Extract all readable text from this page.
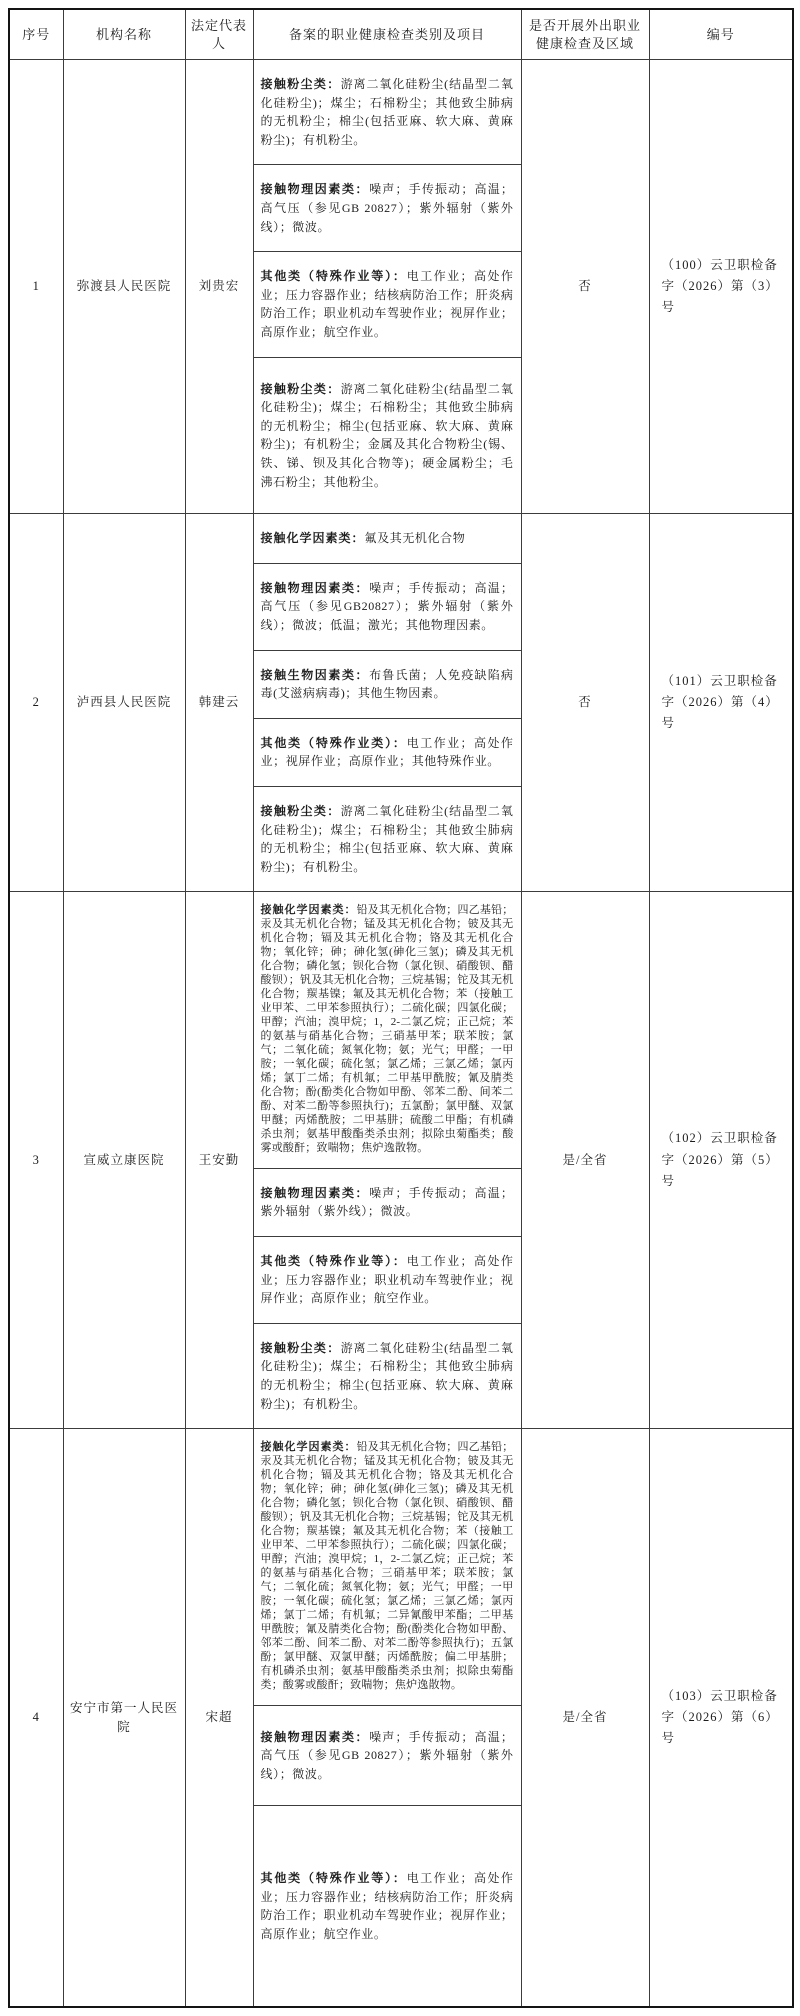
序号	机构名称	法定代表人	备案的职业健康检查类别及项目	是否开展外出职业健康检查及区域	编号
1	弥渡县人民医院	刘贵宏	接触粉尘类：游离二氧化硅粉尘(结晶型二氧化硅粉尘)；煤尘；石棉粉尘；其他致尘肺病的无机粉尘；棉尘(包括亚麻、软大麻、黄麻粉尘)；有机粉尘。
接触物理因素类：噪声；手传振动；高温；高气压（参见GB 20827）；紫外辐射（紫外线）；微波。
其他类（特殊作业等）：电工作业；高处作业；压力容器作业；结核病防治工作；肝炎病防治工作；职业机动车驾驶作业；视屏作业；高原作业；航空作业。
接触粉尘类：游离二氧化硅粉尘(结晶型二氧化硅粉尘)；煤尘；石棉粉尘；其他致尘肺病的无机粉尘；棉尘(包括亚麻、软大麻、黄麻粉尘)；有机粉尘；金属及其化合物粉尘(锡、铁、锑、钡及其化合物等)；硬金属粉尘；毛沸石粉尘；其他粉尘。	否	（100）云卫职检备字（2026）第（3）号
2	泸西县人民医院	韩建云	接触化学因素类：氟及其无机化合物
接触物理因素类：噪声；手传振动；高温；高气压（参见GB20827）；紫外辐射（紫外线）；微波；低温；激光；其他物理因素。
接触生物因素类：布鲁氏菌；人免疫缺陷病毒(艾滋病病毒)；其他生物因素。
其他类（特殊作业类）：电工作业；高处作业；视屏作业；高原作业；其他特殊作业。
接触粉尘类：游离二氧化硅粉尘(结晶型二氧化硅粉尘)；煤尘；石棉粉尘；其他致尘肺病的无机粉尘；棉尘(包括亚麻、软大麻、黄麻粉尘)；有机粉尘。	否	（101）云卫职检备字（2026）第（4）号
3	宣威立康医院	王安勤	接触化学因素类：铅及其无机化合物；四乙基铅；汞及其无机化合物；锰及其无机化合物；铍及其无机化合物；镉及其无机化合物；铬及其无机化合物；氧化锌；砷；砷化氢(砷化三氢)；磷及其无机化合物；磷化氢；钡化合物（氯化钡、硝酸钡、醋酸钡）；钒及其无机化合物；三烷基锡；铊及其无机化合物；羰基镍；氟及其无机化合物；苯（接触工业甲苯、二甲苯参照执行）；二硫化碳；四氯化碳；甲醇；汽油；溴甲烷；1，2-二氯乙烷；正己烷；苯的氨基与硝基化合物；三硝基甲苯；联苯胺；氯气；二氧化硫；氮氧化物；氨；光气；甲醛；一甲胺；一氧化碳；硫化氢；氯乙烯；三氯乙烯；氯丙烯；氯丁二烯；有机氟；二甲基甲酰胺；氰及腈类化合物；酚(酚类化合物如甲酚、邻苯二酚、间苯二酚、对苯二酚等参照执行)；五氯酚；氯甲醚、双氯甲醚；丙烯酰胺；二甲基肼；硫酸二甲酯；有机磷杀虫剂；氨基甲酸酯类杀虫剂；拟除虫菊酯类；酸雾或酸酐；致喘物；焦炉逸散物。
接触物理因素类：噪声；手传振动；高温；紫外辐射（紫外线）；微波。
其他类（特殊作业等）：电工作业；高处作业；压力容器作业；职业机动车驾驶作业；视屏作业；高原作业；航空作业。
接触粉尘类：游离二氧化硅粉尘(结晶型二氧化硅粉尘)；煤尘；石棉粉尘；其他致尘肺病的无机粉尘；棉尘(包括亚麻、软大麻、黄麻粉尘)；有机粉尘。	是/全省	（102）云卫职检备字（2026）第（5）号
4	安宁市第一人民医院	宋超	接触化学因素类：铅及其无机化合物；四乙基铅；汞及其无机化合物；锰及其无机化合物；铍及其无机化合物；镉及其无机化合物；铬及其无机化合物；氧化锌；砷；砷化氢(砷化三氢)；磷及其无机化合物；磷化氢；钡化合物（氯化钡、硝酸钡、醋酸钡）；钒及其无机化合物；三烷基锡；铊及其无机化合物；羰基镍；氟及其无机化合物；苯（接触工业甲苯、二甲苯参照执行）；二硫化碳；四氯化碳；甲醇；汽油；溴甲烷；1，2-二氯乙烷；正己烷；苯的氨基与硝基化合物；三硝基甲苯；联苯胺；氯气；二氧化硫；氮氧化物；氨；光气；甲醛；一甲胺；一氧化碳；硫化氢；氯乙烯；三氯乙烯；氯丙烯；氯丁二烯；有机氟；二异氰酸甲苯酯；二甲基甲酰胺；氰及腈类化合物；酚(酚类化合物如甲酚、邻苯二酚、间苯二酚、对苯二酚等参照执行)；五氯酚；氯甲醚、双氯甲醚；丙烯酰胺；偏二甲基肼；有机磷杀虫剂；氨基甲酸酯类杀虫剂；拟除虫菊酯类；酸雾或酸酐；致喘物；焦炉逸散物。
接触物理因素类：噪声；手传振动；高温；高气压（参见GB 20827）；紫外辐射（紫外线）；微波。
其他类（特殊作业等）：电工作业；高处作业；压力容器作业；结核病防治工作；肝炎病防治工作；职业机动车驾驶作业；视屏作业；高原作业；航空作业。	是/全省	（103）云卫职检备字（2026）第（6）号
